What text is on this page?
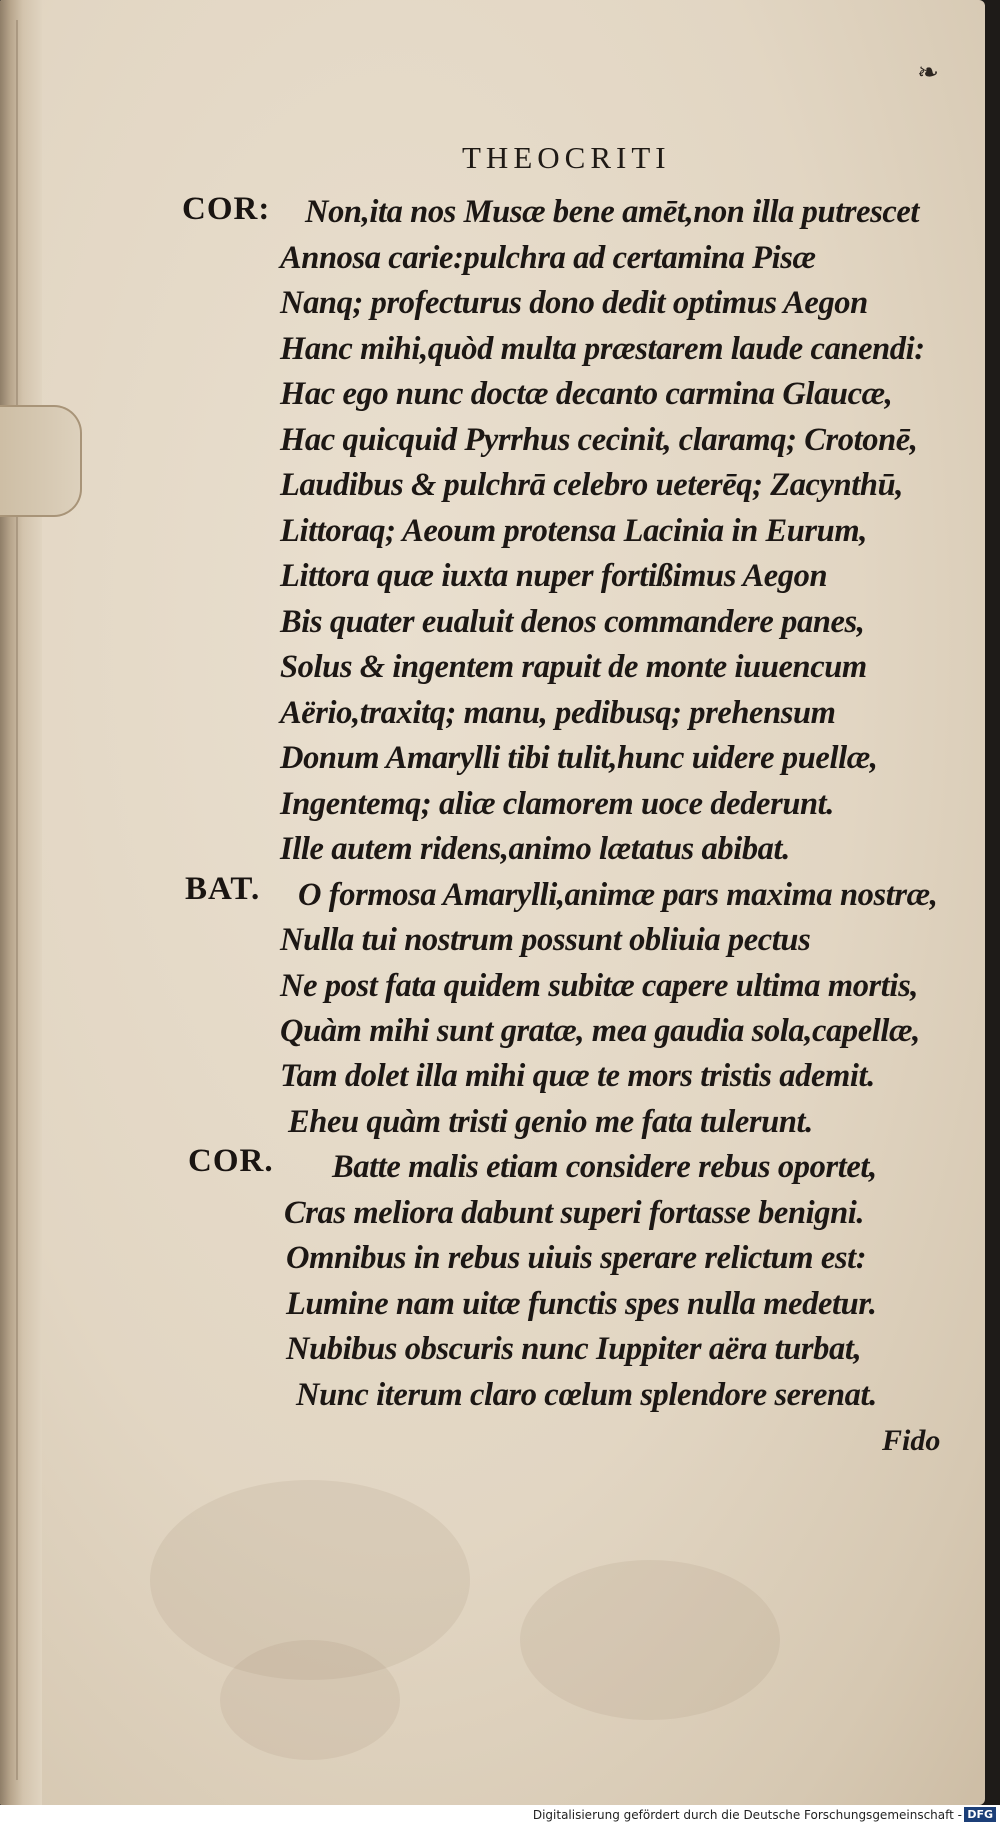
❧
THEOCRITI
COR:
BAT.
COR.
Non,ita nos Musæ bene amēt,non illa putrescet
Annosa carie:pulchra ad certamina Pisæ
Nanq; profecturus dono dedit optimus Aegon
Hanc mihi,quòd multa præstarem laude canendi:
Hac ego nunc doctæ decanto carmina Glaucæ,
Hac quicquid Pyrrhus cecinit, claramq; Crotonē,
Laudibus & pulchrā celebro ueterēq; Zacynthū,
Littoraq; Aeoum protensa Lacinia in Eurum,
Littora quæ iuxta nuper fortißimus Aegon
Bis quater eualuit denos commandere panes,
Solus & ingentem rapuit de monte iuuencum
Aërio,traxitq; manu, pedibusq; prehensum
Donum Amarylli tibi tulit,hunc uidere puellæ,
Ingentemq; aliæ clamorem uoce dederunt.
Ille autem ridens,animo lætatus abibat.
O formosa Amarylli,animæ pars maxima nostræ,
Nulla tui nostrum possunt obliuia pectus
Ne post fata quidem subitæ capere ultima mortis,
Quàm mihi sunt gratæ, mea gaudia sola,capellæ,
Tam dolet illa mihi quæ te mors tristis ademit.
Eheu quàm tristi genio me fata tulerunt.
Batte malis etiam considere rebus oportet,
Cras meliora dabunt superi fortasse benigni.
Omnibus in rebus uiuis sperare relictum est:
Lumine nam uitæ functis spes nulla medetur.
Nubibus obscuris nunc Iuppiter aëra turbat,
Nunc iterum claro cœlum splendore serenat.
Fido
Digitalisierung gefördert durch die Deutsche Forschungsgemeinschaft - DFG
